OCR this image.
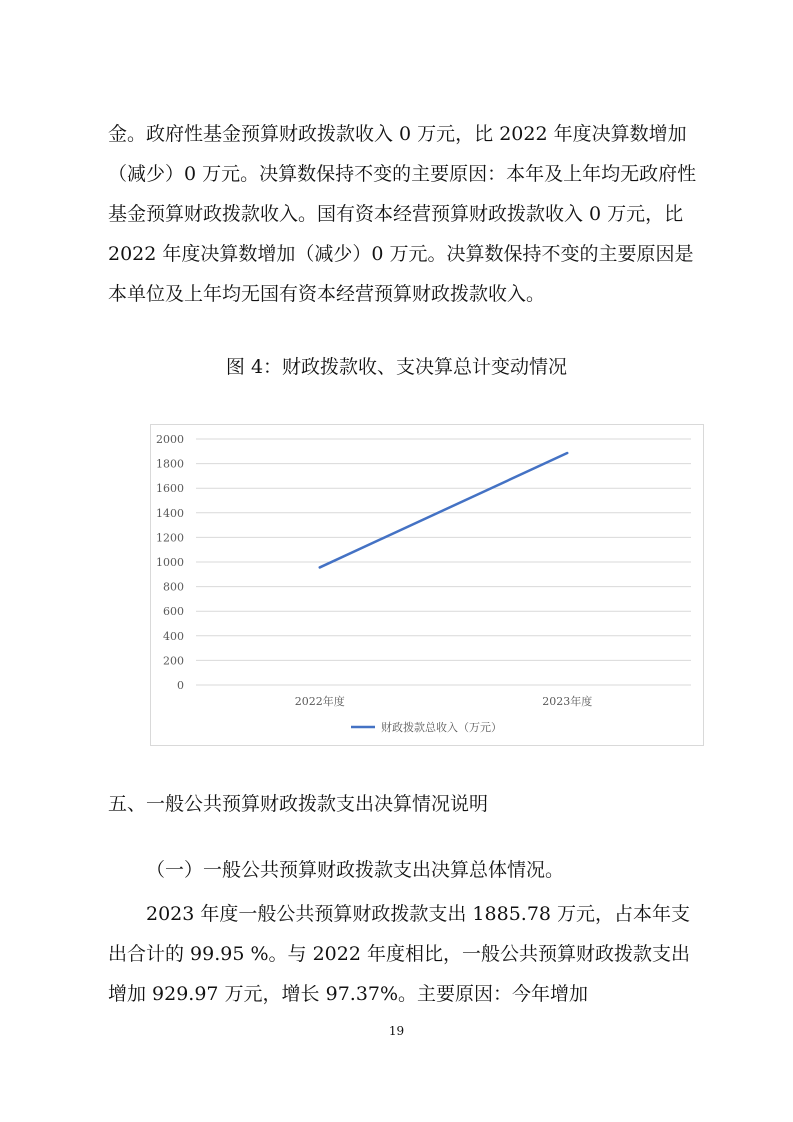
金。政府性基金预算财政拨款收入 0 万元，比 2022 年度决算数增加（减少）0 万元。决算数保持不变的主要原因：本年及上年均无政府性基金预算财政拨款收入。国有资本经营预算财政拨款收入 0 万元，比 2022 年度决算数增加（减少）0 万元。决算数保持不变的主要原因是本单位及上年均无国有资本经营预算财政拨款收入。

图 4：财政拨款收、支决算总计变动情况
0
200
400
600
800
1000
1200
1400
1600
1800
2000
2022年度	2023年度
财政拨款总收入（万元）
五、一般公共预算财政拨款支出决算情况说明
（一）一般公共预算财政拨款支出决算总体情况。

2023 年度一般公共预算财政拨款支出 1885.78 万元，占本年支出合计的 99.95 %。与 2022 年度相比，一般公共预算财政拨款支出增加 929.97 万元，增长 97.37%。主要原因：今年增加

19
